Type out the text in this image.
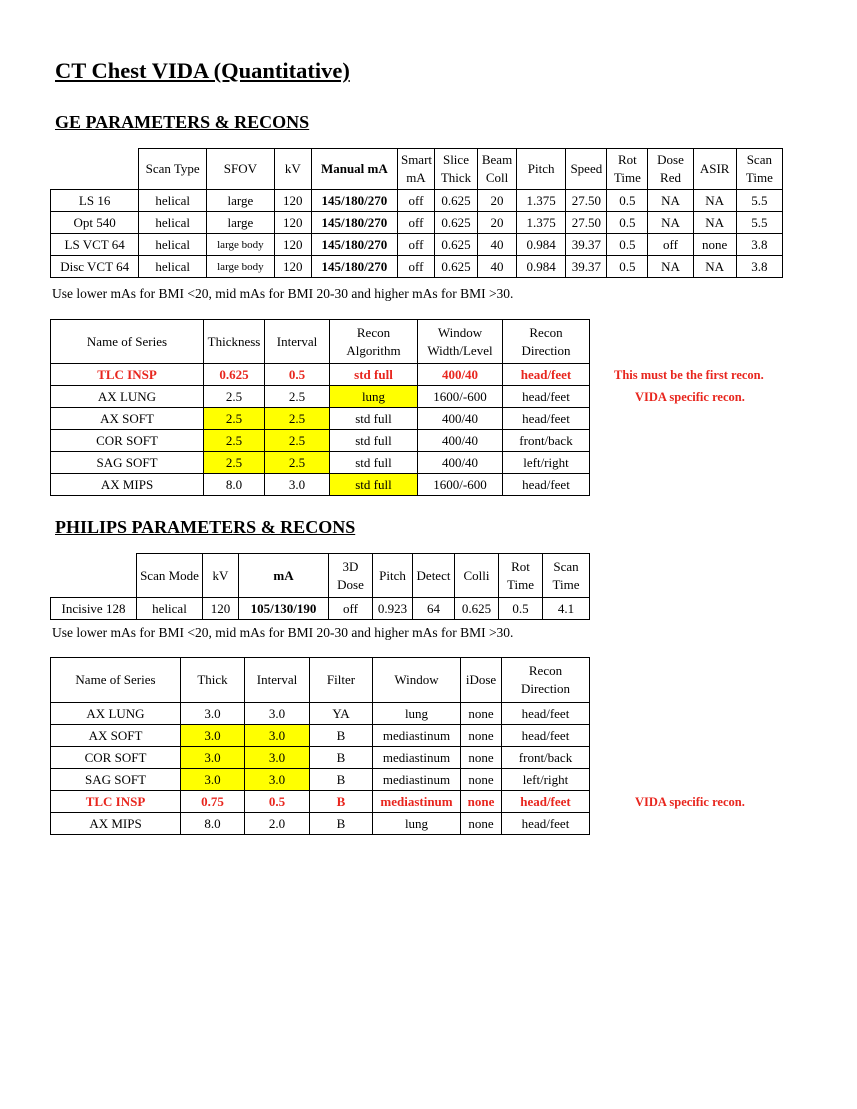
CT Chest VIDA (Quantitative)
GE PARAMETERS & RECONS
	Scan Type	SFOV	kV	Manual mA	Smart mA	Slice Thick	Beam Coll	Pitch	Speed	Rot Time	Dose Red	ASIR	Scan Time
LS 16	helical	large	120	145/180/270	off	0.625	20	1.375	27.50	0.5	NA	NA	5.5
Opt 540	helical	large	120	145/180/270	off	0.625	20	1.375	27.50	0.5	NA	NA	5.5
LS VCT 64	helical	large body	120	145/180/270	off	0.625	40	0.984	39.37	0.5	off	none	3.8
Disc VCT 64	helical	large body	120	145/180/270	off	0.625	40	0.984	39.37	0.5	NA	NA	3.8
Use lower mAs for BMI <20, mid mAs for BMI 20-30 and higher mAs for BMI >30.
Name of Series	Thickness	Interval	Recon Algorithm	Window Width/Level	Recon Direction
TLC INSP	0.625	0.5	std full	400/40	head/feet
AX LUNG	2.5	2.5	lung	1600/-600	head/feet
AX SOFT	2.5	2.5	std full	400/40	head/feet
COR SOFT	2.5	2.5	std full	400/40	front/back
SAG SOFT	2.5	2.5	std full	400/40	left/right
AX MIPS	8.0	3.0	std full	1600/-600	head/feet
This must be the first recon.
VIDA specific recon.
PHILIPS PARAMETERS & RECONS
	Scan Mode	kV	mA	3D Dose	Pitch	Detect	Colli	Rot Time	Scan Time
Incisive 128	helical	120	105/130/190	off	0.923	64	0.625	0.5	4.1
Use lower mAs for BMI <20, mid mAs for BMI 20-30 and higher mAs for BMI >30.
Name of Series	Thick	Interval	Filter	Window	iDose	Recon Direction
AX LUNG	3.0	3.0	YA	lung	none	head/feet
AX SOFT	3.0	3.0	B	mediastinum	none	head/feet
COR SOFT	3.0	3.0	B	mediastinum	none	front/back
SAG SOFT	3.0	3.0	B	mediastinum	none	left/right
TLC INSP	0.75	0.5	B	mediastinum	none	head/feet
AX MIPS	8.0	2.0	B	lung	none	head/feet
VIDA specific recon.
